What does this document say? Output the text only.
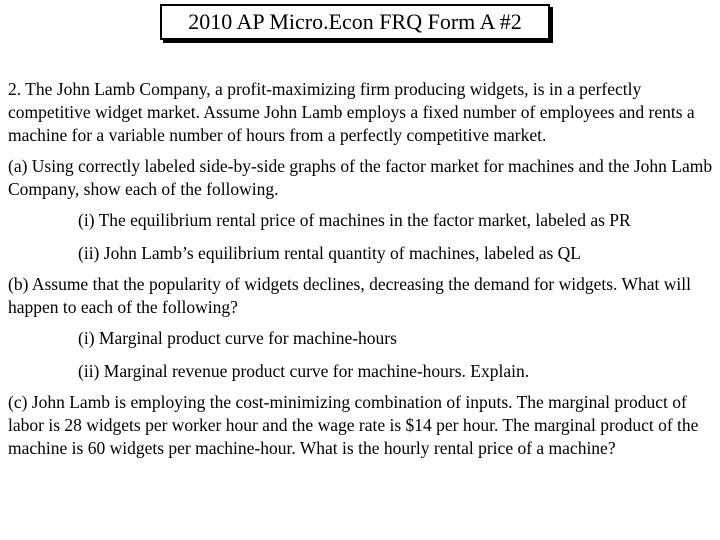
2010 AP Micro.Econ FRQ Form A #2

2. The John Lamb Company, a profit-maximizing firm producing widgets, is in a perfectly competitive widget market. Assume John Lamb employs a fixed number of employees and rents a machine for a variable number of hours from a perfectly competitive market.

(a) Using correctly labeled side-by-side graphs of the factor market for machines and the John Lamb Company, show each of the following.

(i) The equilibrium rental price of machines in the factor market, labeled as PR

(ii) John Lamb’s equilibrium rental quantity of machines, labeled as QL

(b) Assume that the popularity of widgets declines, decreasing the demand for widgets. What will happen to each of the following?

(i) Marginal product curve for machine-hours

(ii) Marginal revenue product curve for machine-hours. Explain.

(c) John Lamb is employing the cost-minimizing combination of inputs. The marginal product of labor is 28 widgets per worker hour and the wage rate is $14 per hour. The marginal product of the machine is 60 widgets per machine-hour. What is the hourly rental price of a machine?
